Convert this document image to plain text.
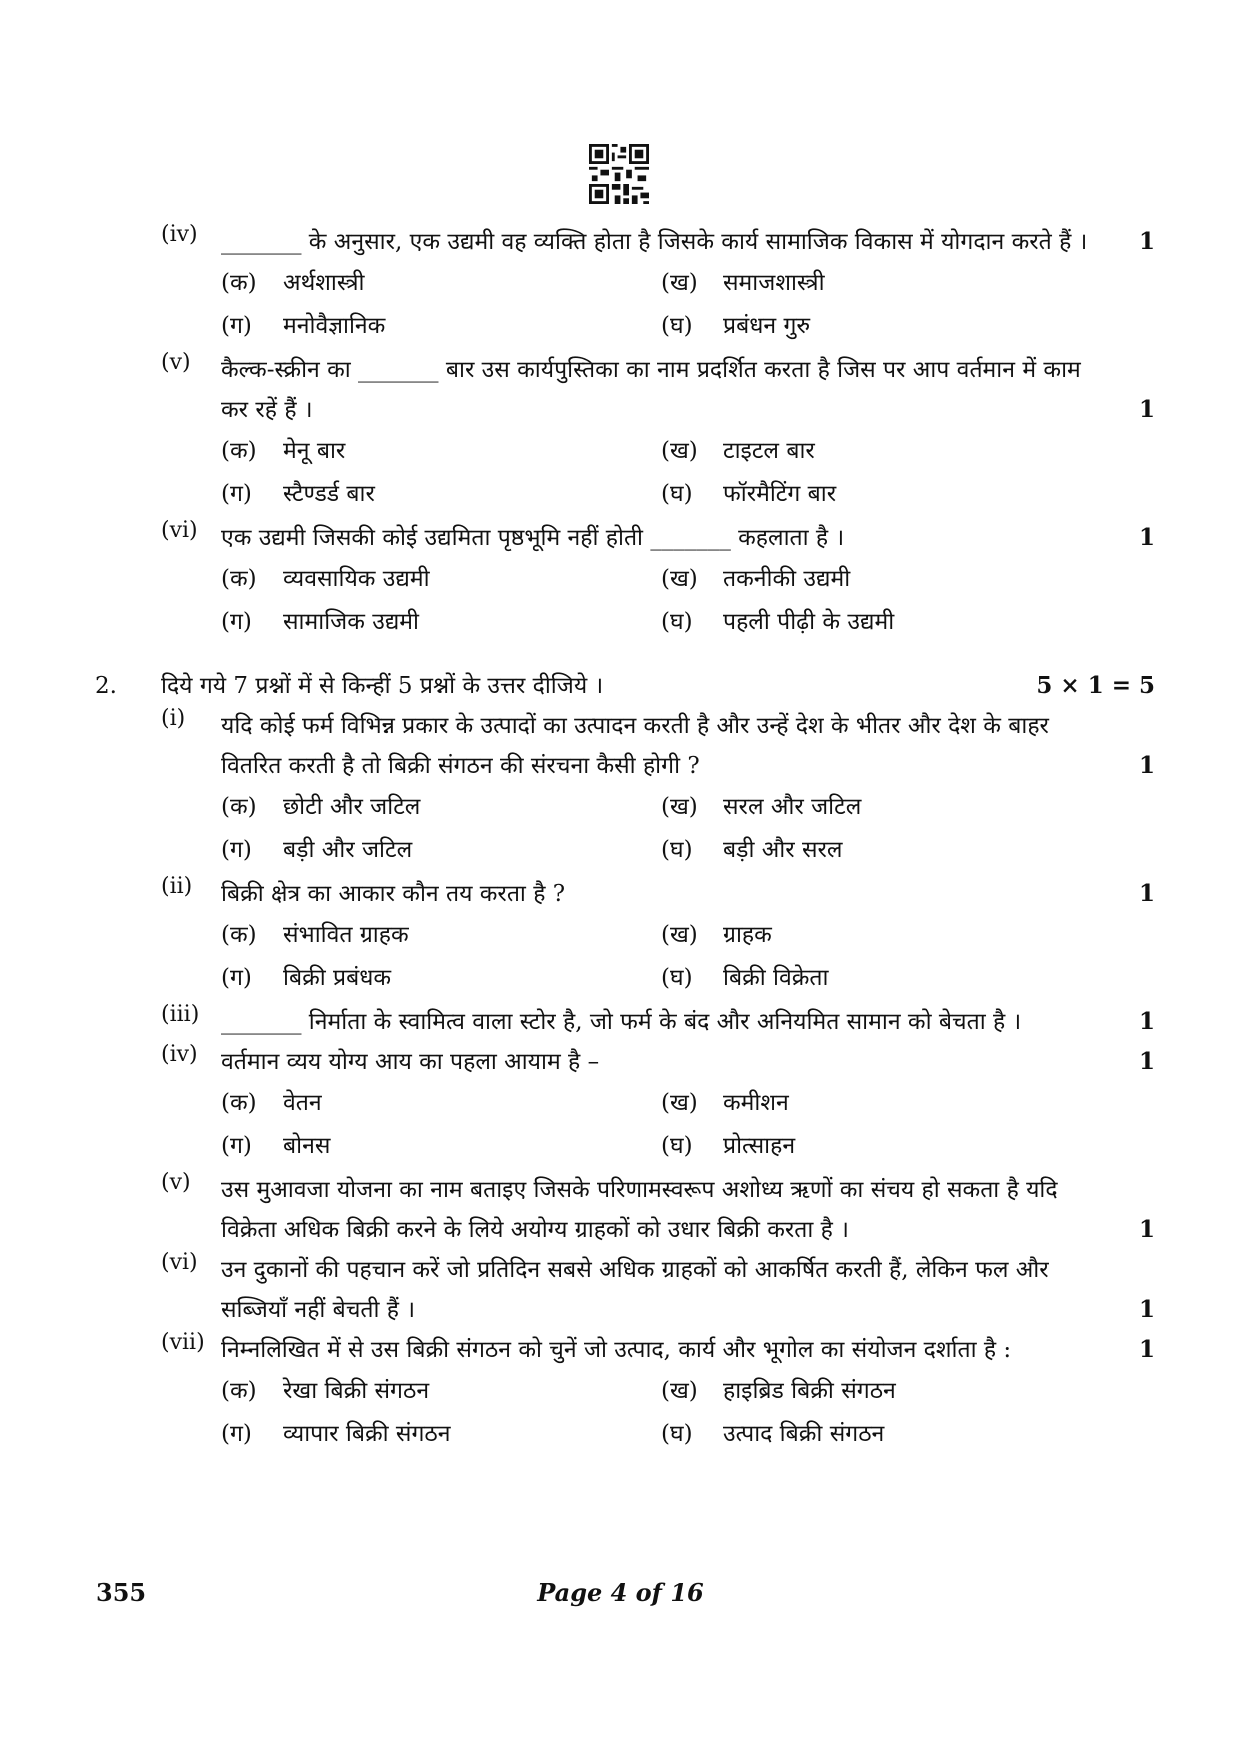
(iv) _______ के अनुसार, एक उद्यमी वह व्यक्ति होता है जिसके कार्य सामाजिक विकास में योगदान करते हैं । 1
(क)	अर्थशास्त्री	(ख)	समाजशास्त्री
(ग)	मनोवैज्ञानिक	(घ)	प्रबंधन गुरु
(v) कैल्क-स्क्रीन का _______ बार उस कार्यपुस्तिका का नाम प्रदर्शित करता है जिस पर आप वर्तमान में काम कर रहें हैं ।	1
(क)	मेनू बार	(ख)	टाइटल बार
(ग)	स्टैण्डर्ड बार	(घ)	फॉरमैटिंग बार
(vi) एक उद्यमी जिसकी कोई उद्यमिता पृष्ठभूमि नहीं होती _______ कहलाता है ।	1
(क)	व्यवसायिक उद्यमी	(ख)	तकनीकी उद्यमी
(ग)	सामाजिक उद्यमी	(घ)	पहली पीढ़ी के उद्यमी
2. दिये गये 7 प्रश्नों में से किन्हीं 5 प्रश्नों के उत्तर दीजिये ।	5 × 1 = 5
(i) यदि कोई फर्म विभिन्न प्रकार के उत्पादों का उत्पादन करती है और उन्हें देश के भीतर और देश के बाहर वितरित करती है तो बिक्री संगठन की संरचना कैसी होगी ?	1
(क)	छोटी और जटिल	(ख)	सरल और जटिल
(ग)	बड़ी और जटिल	(घ)	बड़ी और सरल
(ii) बिक्री क्षेत्र का आकार कौन तय करता है ?	1
(क)	संभावित ग्राहक	(ख)	ग्राहक
(ग)	बिक्री प्रबंधक	(घ)	बिक्री विक्रेता
(iii) _______ निर्माता के स्वामित्व वाला स्टोर है, जो फर्म के बंद और अनियमित सामान को बेचता है ।	1
(iv) वर्तमान व्यय योग्य आय का पहला आयाम है –	1
(क)	वेतन	(ख)	कमीशन
(ग)	बोनस	(घ)	प्रोत्साहन
(v) उस मुआवजा योजना का नाम बताइए जिसके परिणामस्वरूप अशोध्य ऋणों का संचय हो सकता है यदि विक्रेता अधिक बिक्री करने के लिये अयोग्य ग्राहकों को उधार बिक्री करता है ।	1
(vi) उन दुकानों की पहचान करें जो प्रतिदिन सबसे अधिक ग्राहकों को आकर्षित करती हैं, लेकिन फल और सब्जियाँ नहीं बेचती हैं ।	1
(vii) निम्नलिखित में से उस बिक्री संगठन को चुनें जो उत्पाद, कार्य और भूगोल का संयोजन दर्शाता है :	1
(क)	रेखा बिक्री संगठन	(ख)	हाइब्रिड बिक्री संगठन
(ग)	व्यापार बिक्री संगठन	(घ)	उत्पाद बिक्री संगठन
355	Page 4 of 16
